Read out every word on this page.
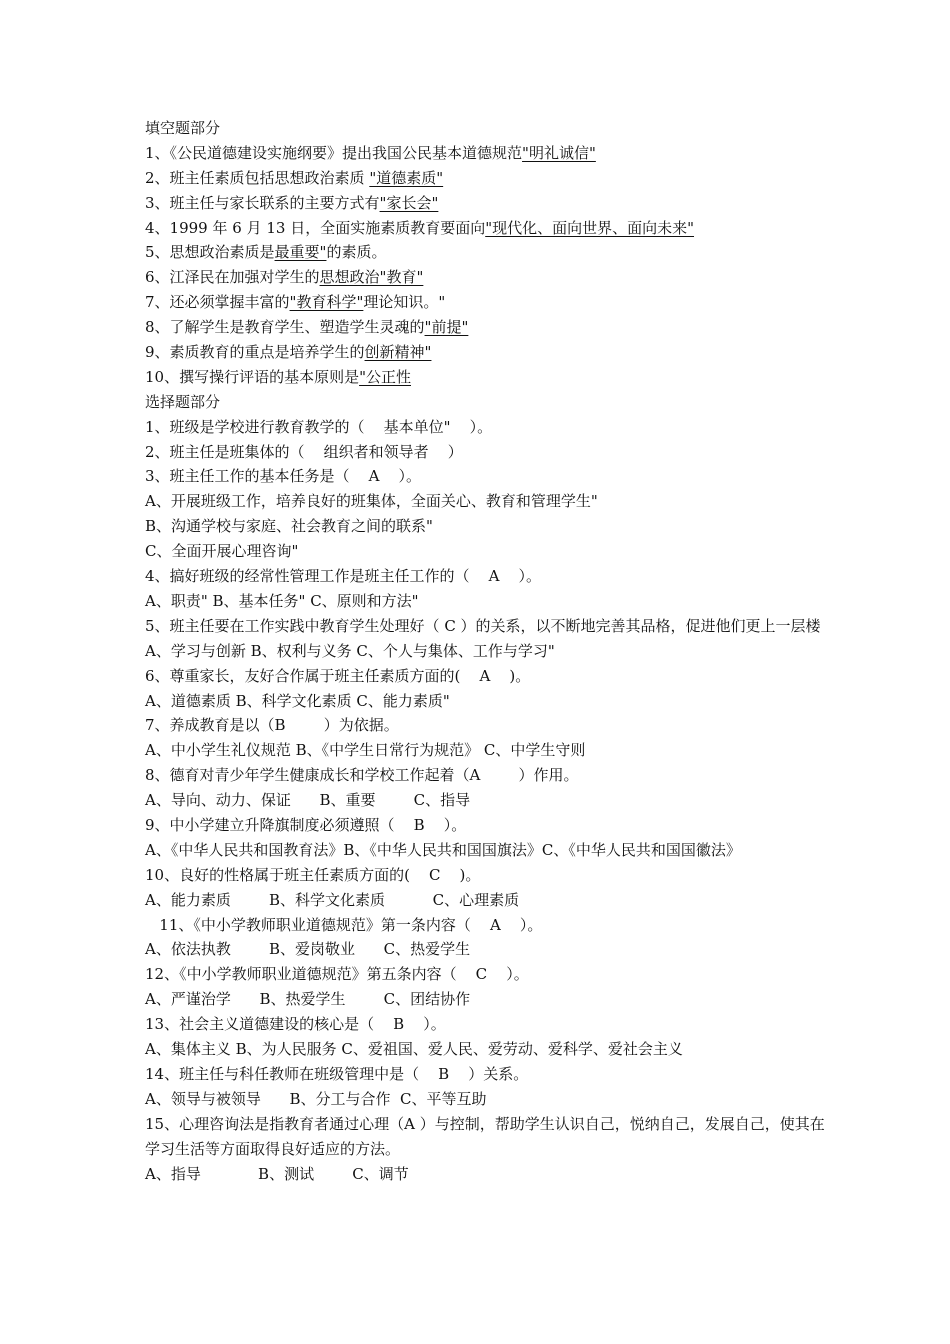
填空题部分
1、《公民道德建设实施纲要》提出我国公民基本道德规范"明礼诚信"
2、班主任素质包括思想政治素质 "道德素质"
3、班主任与家长联系的主要方式有"家长会"
4、1999 年 6 月 13 日，全面实施素质教育要面向"现代化、面向世界、面向未来"
5、思想政治素质是最重要"的素质。
6、江泽民在加强对学生的思想政治"教育"
7、还必须掌握丰富的"教育科学"理论知识。"
8、了解学生是教育学生、塑造学生灵魂的"前提"
9、素质教育的重点是培养学生的创新精神"
10、撰写操行评语的基本原则是"公正性
选择题部分
1、班级是学校进行教育教学的（    基本单位"    ）。
2、班主任是班集体的（    组织者和领导者    ）
3、班主任工作的基本任务是（    A    ）。
A、开展班级工作，培养良好的班集体，全面关心、教育和管理学生"
B、沟通学校与家庭、社会教育之间的联系"
C、全面开展心理咨询"
4、搞好班级的经常性管理工作是班主任工作的（    A    ）。
A、职责" B、基本任务" C、原则和方法"
5、班主任要在工作实践中教育学生处理好（ C ）的关系，以不断地完善其品格，促进他们更上一层楼
A、学习与创新 B、权利与义务 C、个人与集体、工作与学习"
6、尊重家长，友好合作属于班主任素质方面的(    A    )。
A、道德素质 B、科学文化素质 C、能力素质"
7、养成教育是以（B        ）为依据。
A、中小学生礼仪规范 B、《中学生日常行为规范》 C、中学生守则
8、德育对青少年学生健康成长和学校工作起着（A        ）作用。
A、导向、动力、保证      B、重要        C、指导
9、中小学建立升降旗制度必须遵照（    B    ）。
A、《中华人民共和国教育法》B、《中华人民共和国国旗法》C、《中华人民共和国国徽法》
10、良好的性格属于班主任素质方面的(    C    )。
A、能力素质        B、科学文化素质          C、心理素质
11、《中小学教师职业道德规范》第一条内容（    A    ）。
A、依法执教        B、爱岗敬业      C、热爱学生
12、《中小学教师职业道德规范》第五条内容（    C    ）。
A、严谨治学      B、热爱学生        C、团结协作
13、社会主义道德建设的核心是（    B    ）。
A、集体主义 B、为人民服务 C、爱祖国、爱人民、爱劳动、爱科学、爱社会主义
14、班主任与科任教师在班级管理中是（    B    ）关系。
A、领导与被领导      B、分工与合作  C、平等互助
15、心理咨询法是指教育者通过心理（A ）与控制，帮助学生认识自己，悦纳自己，发展自己，使其在学习生活等方面取得良好适应的方法。
A、指导            B、测试        C、调节
